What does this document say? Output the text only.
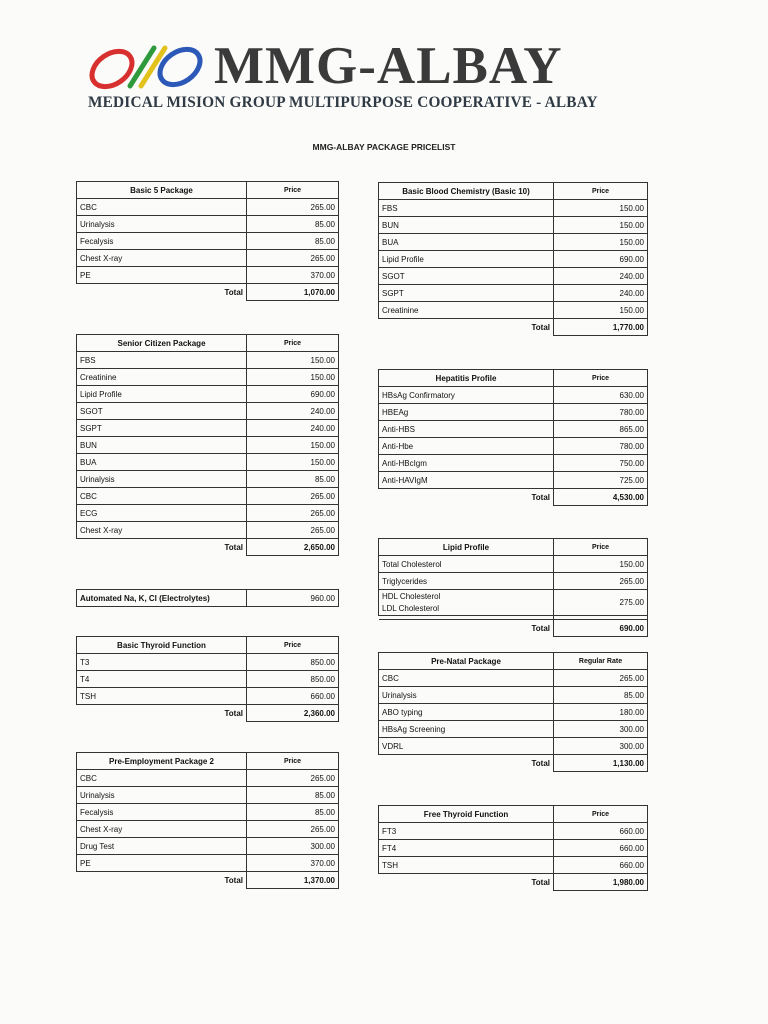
MMG-ALBAY
MEDICAL MISION GROUP MULTIPURPOSE COOPERATIVE - ALBAY
MMG-ALBAY PACKAGE PRICELIST
Basic 5 Package	Price
CBC	265.00
Urinalysis	85.00
Fecalysis	85.00
Chest X-ray	265.00
PE	370.00
Total	1,070.00
Senior Citizen Package	Price
FBS	150.00
Creatinine	150.00
Lipid Profile	690.00
SGOT	240.00
SGPT	240.00
BUN	150.00
BUA	150.00
Urinalysis	85.00
CBC	265.00
ECG	265.00
Chest X-ray	265.00
Total	2,650.00
Automated Na, K, Cl (Electrolytes)	960.00
Basic Thyroid Function	Price
T3	850.00
T4	850.00
TSH	660.00
Total	2,360.00
Pre-Employment Package 2	Price
CBC	265.00
Urinalysis	85.00
Fecalysis	85.00
Chest X-ray	265.00
Drug Test	300.00
PE	370.00
Total	1,370.00
Basic Blood Chemistry (Basic 10)	Price
FBS	150.00
BUN	150.00
BUA	150.00
Lipid Profile	690.00
SGOT	240.00
SGPT	240.00
Creatinine	150.00
Total	1,770.00
Hepatitis Profile	Price
HBsAg Confirmatory	630.00
HBEAg	780.00
Anti-HBS	865.00
Anti-Hbe	780.00
Anti-HBcIgm	750.00
Anti-HAVIgM	725.00
Total	4,530.00
Lipid Profile	Price
Total Cholesterol	150.00
Triglycerides	265.00

HDL Cholesterol
LDL Cholesterol	275.00

Total	690.00
Pre-Natal Package	Regular Rate
CBC	265.00
Urinalysis	85.00
ABO typing	180.00
HBsAg Screening	300.00
VDRL	300.00
Total	1,130.00
Free Thyroid Function	Price
FT3	660.00
FT4	660.00
TSH	660.00
Total	1,980.00
